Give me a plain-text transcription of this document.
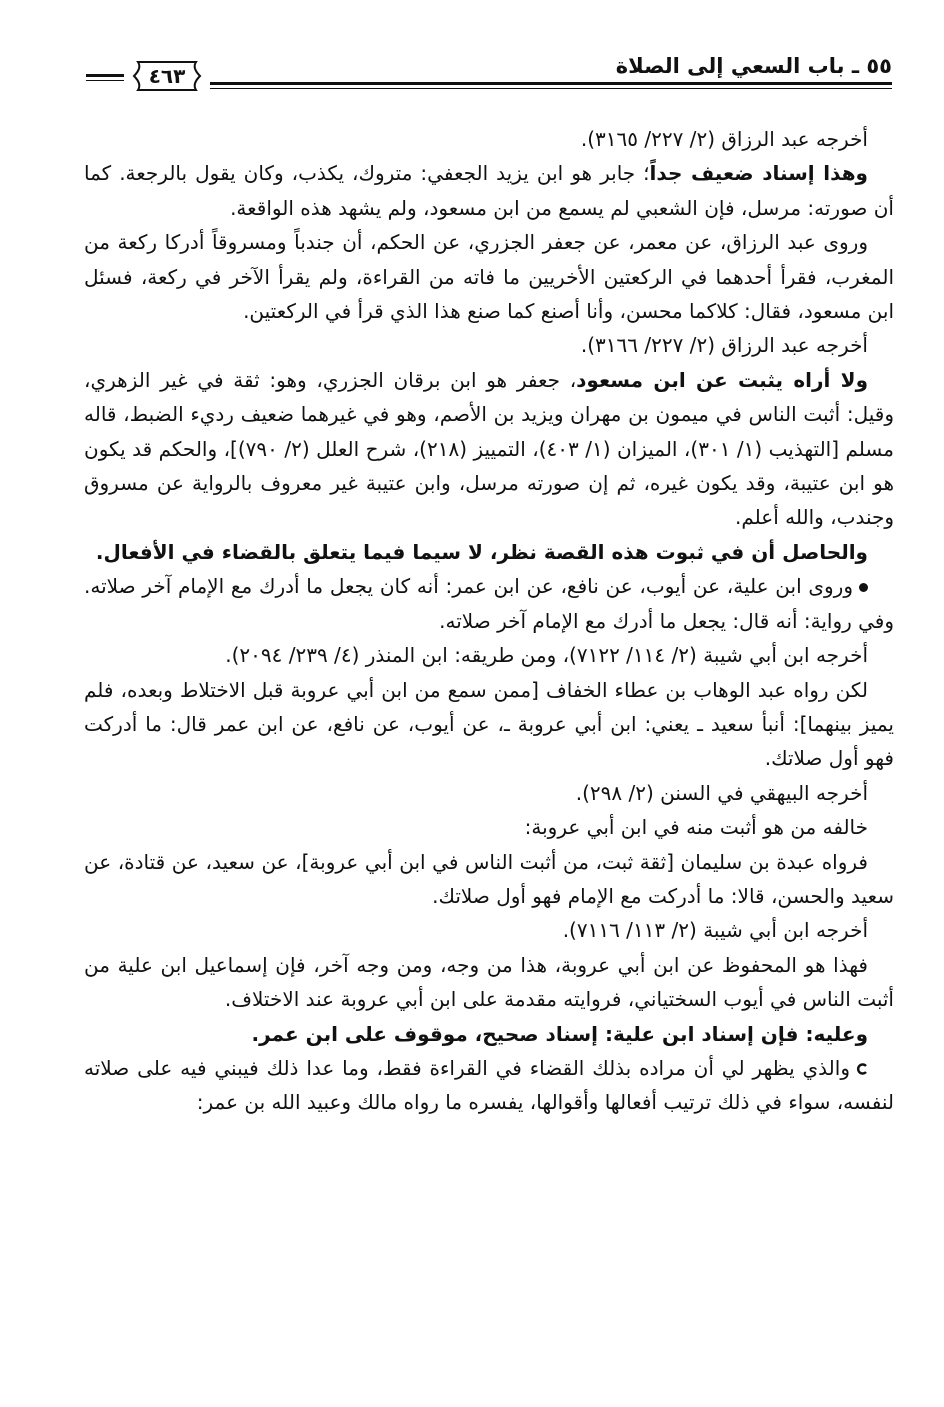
٥٥ ـ باب السعي إلى الصلاة
٤٦٣

أخرجه عبد الرزاق (٢/ ٢٢٧/ ٣١٦٥).

وهذا إسناد ضعيف جداً؛ جابر هو ابن يزيد الجعفي: متروك، يكذب، وكان يقول بالرجعة. كما أن صورته: مرسل، فإن الشعبي لم يسمع من ابن مسعود، ولم يشهد هذه الواقعة.

وروى عبد الرزاق، عن معمر، عن جعفر الجزري، عن الحكم، أن جندباً ومسروقاً أدركا ركعة من المغرب، فقرأ أحدهما في الركعتين الأخريين ما فاته من القراءة، ولم يقرأ الآخر في ركعة، فسئل ابن مسعود، فقال: كلاكما محسن، وأنا أصنع كما صنع هذا الذي قرأ في الركعتين.

أخرجه عبد الرزاق (٢/ ٢٢٧/ ٣١٦٦).

ولا أراه يثبت عن ابن مسعود، جعفر هو ابن برقان الجزري، وهو: ثقة في غير الزهري، وقيل: أثبت الناس في ميمون بن مهران ويزيد بن الأصم، وهو في غيرهما ضعيف رديء الضبط، قاله مسلم [التهذيب (١/ ٣٠١)، الميزان (١/ ٤٠٣)، التمييز (٢١٨)، شرح العلل (٢/ ٧٩٠)]، والحكم قد يكون هو ابن عتيبة، وقد يكون غيره، ثم إن صورته مرسل، وابن عتيبة غير معروف بالرواية عن مسروق وجندب، والله أعلم.

والحاصل أن في ثبوت هذه القصة نظر، لا سيما فيما يتعلق بالقضاء في الأفعال.

وروى ابن علية، عن أيوب، عن نافع، عن ابن عمر: أنه كان يجعل ما أدرك مع الإمام آخر صلاته. وفي رواية: أنه قال: يجعل ما أدرك مع الإمام آخر صلاته.

أخرجه ابن أبي شيبة (٢/ ١١٤/ ٧١٢٢)، ومن طريقه: ابن المنذر (٤/ ٢٣٩/ ٢٠٩٤).

لكن رواه عبد الوهاب بن عطاء الخفاف [ممن سمع من ابن أبي عروبة قبل الاختلاط وبعده، فلم يميز بينهما]: أنبأ سعيد ـ يعني: ابن أبي عروبة ـ، عن أيوب، عن نافع، عن ابن عمر قال: ما أدركت فهو أول صلاتك.

أخرجه البيهقي في السنن (٢/ ٢٩٨).

خالفه من هو أثبت منه في ابن أبي عروبة:

فرواه عبدة بن سليمان [ثقة ثبت، من أثبت الناس في ابن أبي عروبة]، عن سعيد، عن قتادة، عن سعيد والحسن، قالا: ما أدركت مع الإمام فهو أول صلاتك.

أخرجه ابن أبي شيبة (٢/ ١١٣/ ٧١١٦).

فهذا هو المحفوظ عن ابن أبي عروبة، هذا من وجه، ومن وجه آخر، فإن إسماعيل ابن علية من أثبت الناس في أيوب السختياني، فروايته مقدمة على ابن أبي عروبة عند الاختلاف.

وعليه: فإن إسناد ابن علية: إسناد صحيح، موقوف على ابن عمر.

والذي يظهر لي أن مراده بذلك القضاء في القراءة فقط، وما عدا ذلك فيبني فيه على صلاته لنفسه، سواء في ذلك ترتيب أفعالها وأقوالها، يفسره ما رواه مالك وعبيد الله بن عمر:
